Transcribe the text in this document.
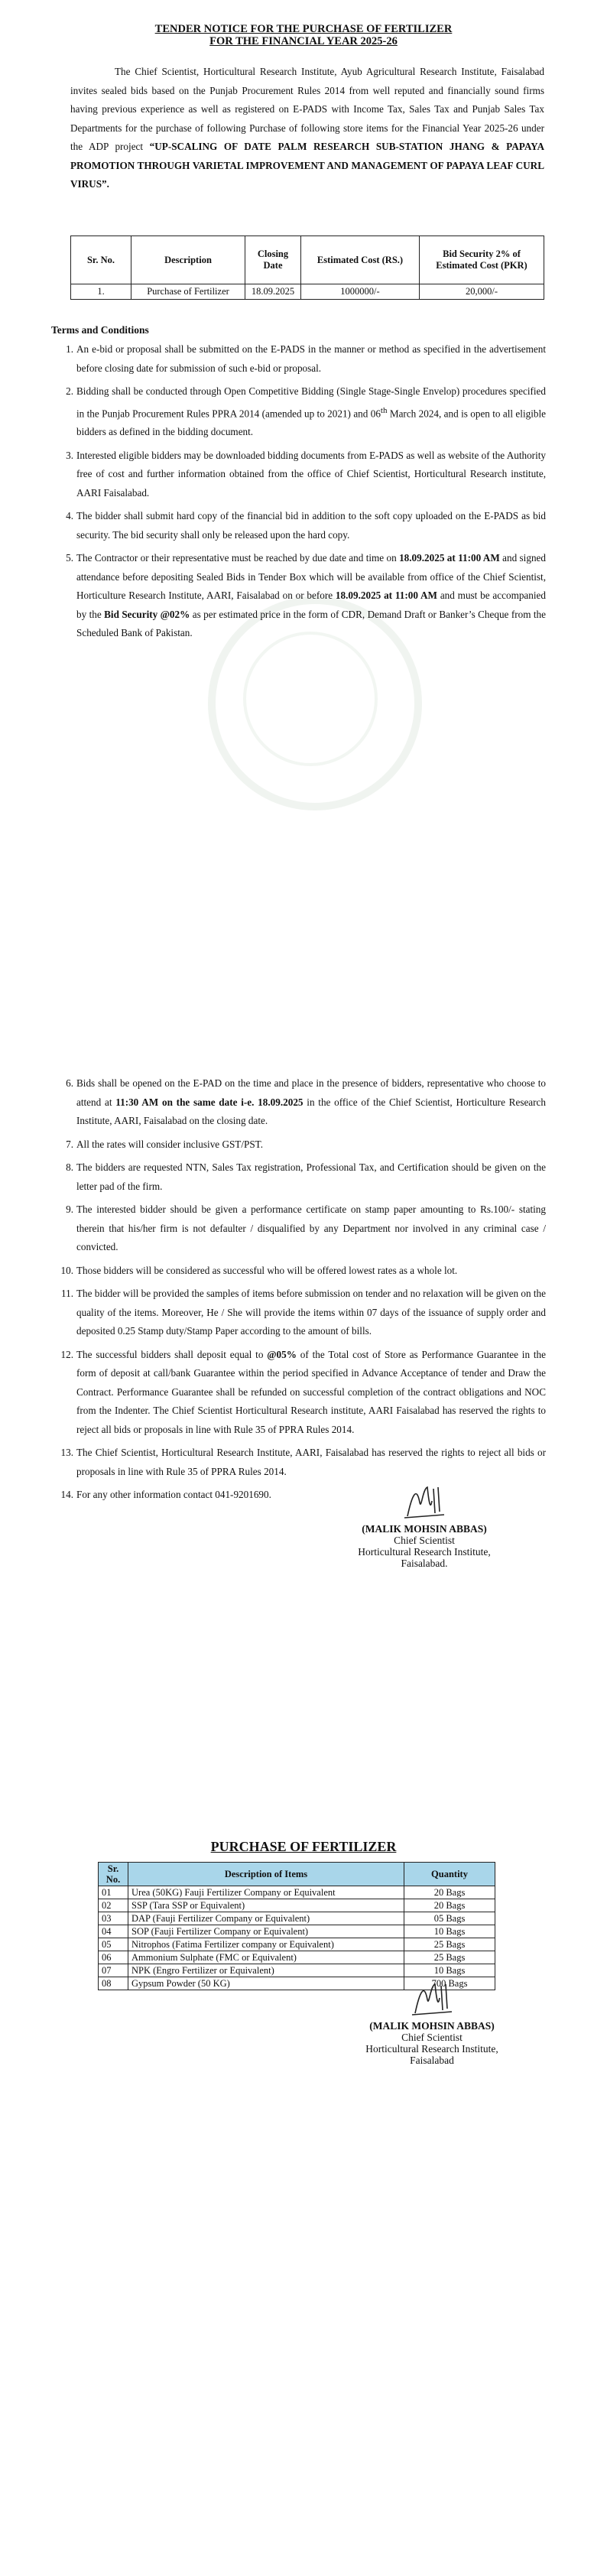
TENDER NOTICE FOR THE PURCHASE OF FERTILIZER
FOR THE FINANCIAL YEAR 2025-26
The Chief Scientist, Horticultural Research Institute, Ayub Agricultural Research Institute, Faisalabad invites sealed bids based on the Punjab Procurement Rules 2014 from well reputed and financially sound firms having previous experience as well as registered on E-PADS with Income Tax, Sales Tax and Punjab Sales Tax Departments for the purchase of following Purchase of following store items for the Financial Year 2025-26 under the ADP project “UP-SCALING OF DATE PALM RESEARCH SUB-STATION JHANG & PAPAYA PROMOTION THROUGH VARIETAL IMPROVEMENT AND MANAGEMENT OF PAPAYA LEAF CURL VIRUS”.
Sr. No.	Description	Closing Date	Estimated Cost (RS.)	Bid Security 2% of Estimated Cost (PKR)
1.	Purchase of Fertilizer	18.09.2025	1000000/-	20,000/-
Terms and Conditions
1. An e-bid or proposal shall be submitted on the E-PADS in the manner or method as specified in the advertisement before closing date for submission of such e-bid or proposal.
2. Bidding shall be conducted through Open Competitive Bidding (Single Stage-Single Envelop) procedures specified in the Punjab Procurement Rules PPRA 2014 (amended up to 2021) and 06th March 2024, and is open to all eligible bidders as defined in the bidding document.
3. Interested eligible bidders may be downloaded bidding documents from E-PADS as well as website of the Authority free of cost and further information obtained from the office of Chief Scientist, Horticultural Research institute, AARI Faisalabad.
4. The bidder shall submit hard copy of the financial bid in addition to the soft copy uploaded on the E-PADS as bid security. The bid security shall only be released upon the hard copy.
5. The Contractor or their representative must be reached by due date and time on 18.09.2025 at 11:00 AM and signed attendance before depositing Sealed Bids in Tender Box which will be available from office of the Chief Scientist, Horticulture Research Institute, AARI, Faisalabad on or before 18.09.2025 at 11:00 AM and must be accompanied by the Bid Security @02% as per estimated price in the form of CDR, Demand Draft or Banker’s Cheque from the Scheduled Bank of Pakistan.
6. Bids shall be opened on the E-PAD on the time and place in the presence of bidders, representative who choose to attend at 11:30 AM on the same date i-e. 18.09.2025 in the office of the Chief Scientist, Horticulture Research Institute, AARI, Faisalabad on the closing date.
7. All the rates will consider inclusive GST/PST.
8. The bidders are requested NTN, Sales Tax registration, Professional Tax, and Certification should be given on the letter pad of the firm.
9. The interested bidder should be given a performance certificate on stamp paper amounting to Rs.100/- stating therein that his/her firm is not defaulter / disqualified by any Department nor involved in any criminal case / convicted.
10. Those bidders will be considered as successful who will be offered lowest rates as a whole lot.
11. The bidder will be provided the samples of items before submission on tender and no relaxation will be given on the quality of the items. Moreover, He / She will provide the items within 07 days of the issuance of supply order and deposited 0.25 Stamp duty/Stamp Paper according to the amount of bills.
12. The successful bidders shall deposit equal to @05% of the Total cost of Store as Performance Guarantee in the form of deposit at call/bank Guarantee within the period specified in Advance Acceptance of tender and Draw the Contract. Performance Guarantee shall be refunded on successful completion of the contract obligations and NOC from the Indenter. The Chief Scientist Horticultural Research institute, AARI Faisalabad has reserved the rights to reject all bids or proposals in line with Rule 35 of PPRA Rules 2014.
13. The Chief Scientist, Horticultural Research Institute, AARI, Faisalabad has reserved the rights to reject all bids or proposals in line with Rule 35 of PPRA Rules 2014.
14. For any other information contact 041-9201690.
(MALIK MOHSIN ABBAS)
Chief Scientist
Horticultural Research Institute,
Faisalabad.
PURCHASE OF FERTILIZER
Sr. No.	Description of Items	Quantity
01	Urea (50KG) Fauji Fertilizer Company or Equivalent	20 Bags
02	SSP (Tara SSP or Equivalent)	20 Bags
03	DAP (Fauji Fertilizer Company or Equivalent)	05 Bags
04	SOP (Fauji Fertilizer Company or Equivalent)	10 Bags
05	Nitrophos (Fatima Fertilizer company or Equivalent)	25 Bags
06	Ammonium Sulphate (FMC or Equivalent)	25 Bags
07	NPK (Engro Fertilizer or Equivalent)	10 Bags
08	Gypsum Powder (50 KG)	700 Bags
(MALIK MOHSIN ABBAS)
Chief Scientist
Horticultural Research Institute,
Faisalabad
